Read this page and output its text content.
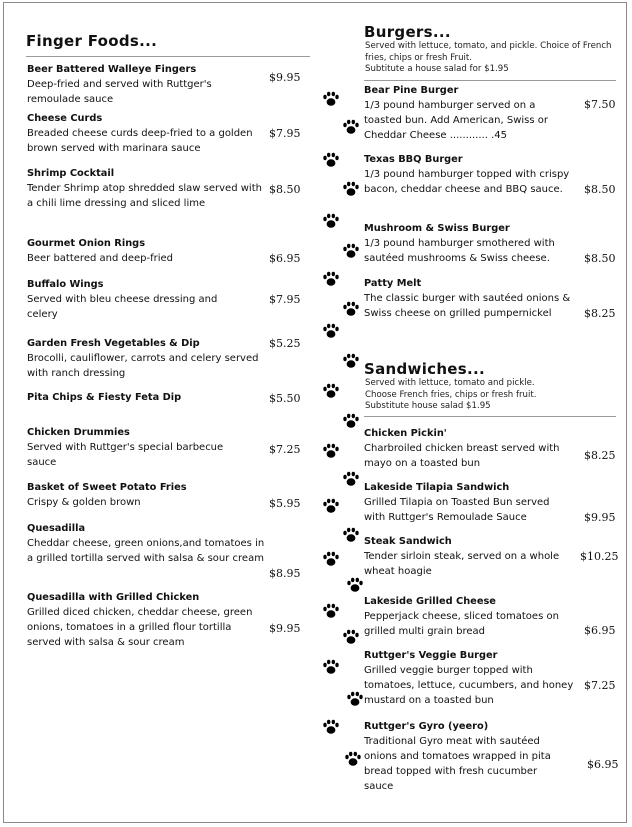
Finger Foods...
Beer Battered Walleye Fingers
Deep-fried and served with Ruttger's remoulade sauce
$9.95
Cheese Curds
Breaded cheese curds deep-fried to a golden brown served with marinara sauce
$7.95
Shrimp Cocktail
Tender Shrimp atop shredded slaw served with a chili lime dressing and sliced lime
$8.50
Gourmet Onion Rings
Beer battered and deep-fried	$6.95
Buffalo Wings
Served with bleu cheese dressing and celery
$7.95
Garden Fresh Vegetables & Dip
Brocolli, cauliflower, carrots and celery served with ranch dressing
$5.25
Pita Chips & Fiesty Feta Dip	$5.50
Chicken Drummies
Served with Ruttger's special barbecue sauce
$7.25
Basket of Sweet Potato Fries
Crispy & golden brown	$5.95
Quesadilla
Cheddar cheese, green onions,and tomatoes in a grilled tortilla served with salsa & sour cream
$8.95
Quesadilla with Grilled Chicken
Grilled diced chicken, cheddar cheese, green onions, tomatoes in a grilled flour tortilla served with salsa & sour cream
$9.95
Burgers...
Served with lettuce, tomato, and pickle. Choice of French fries, chips or fresh Fruit.
Subtitute a house salad for $1.95
Bear Pine Burger
1/3 pound hamburger served on a toasted bun. Add American, Swiss or Cheddar Cheese ............ .45
$7.50
Texas BBQ Burger
1/3 pound hamburger topped with crispy bacon, cheddar cheese and BBQ sauce.	$8.50
Mushroom & Swiss Burger
1/3 pound hamburger smothered with sautéed mushrooms & Swiss cheese.	$8.50
Patty Melt
The classic burger with sautéed onions & Swiss cheese on grilled pumpernickel	$8.25
Sandwiches...
Served with lettuce, tomato and pickle. Choose French fries, chips or fresh fruit.
Substitute house salad $1.95
Chicken Pickin'
Charbroiled chicken breast served with mayo on a toasted bun
$8.25
Lakeside Tilapia Sandwich
Grilled Tilapia on Toasted Bun served with Ruttger's Remoulade Sauce	$9.95
Steak Sandwich
Tender sirloin steak, served on a whole wheat hoagie
$10.25
Lakeside Grilled Cheese
Pepperjack cheese, sliced tomatoes on grilled multi grain bread	$6.95
Ruttger's Veggie Burger
Grilled veggie burger topped with tomatoes, lettuce, cucumbers, and honey mustard on a toasted bun
$7.25
Ruttger's Gyro (yeero)
Traditional Gyro meat with sautéed onions and tomatoes wrapped in pita bread topped with fresh cucumber sauce
$6.95
